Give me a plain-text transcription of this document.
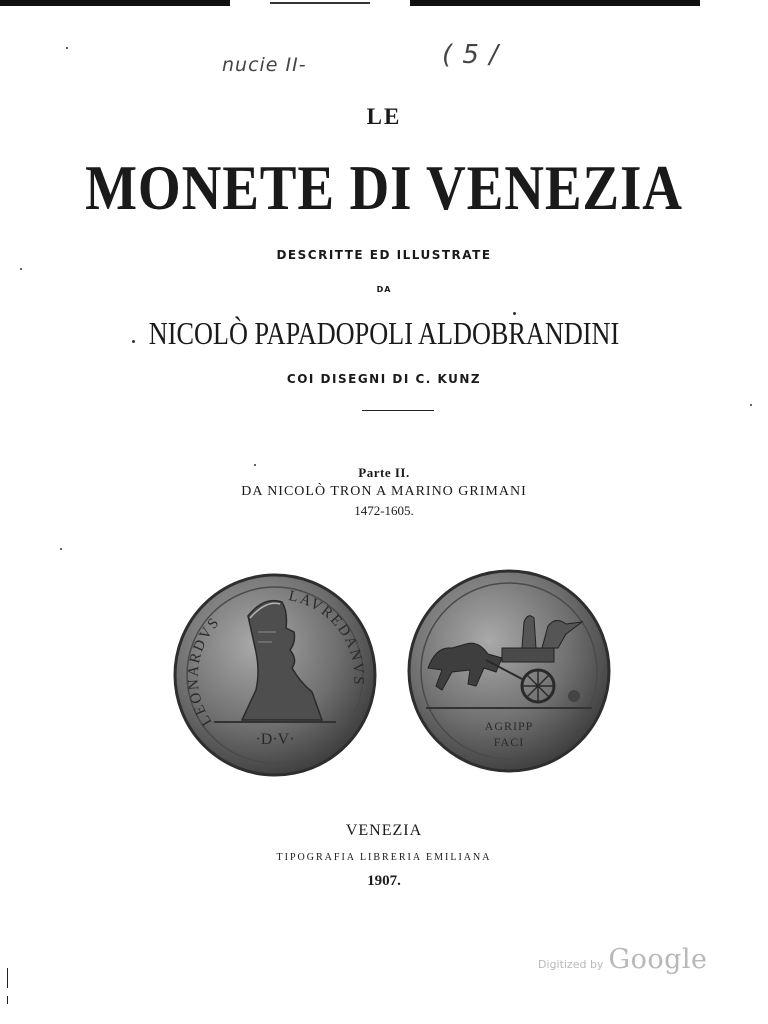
nucie II-	( 5 /
LE
MONETE DI VENEZIA
DESCRITTE ED ILLUSTRATE
DA
NICOLÒ PAPADOPOLI ALDOBRANDINI
COI DISEGNI DI C. KUNZ
Parte II.
DA NICOLÒ TRON A MARINO GRIMANI
1472-1605.
LEONARDVS
LAVREDANVS
·D·V·
AGRIPP
FACI
VENEZIA
TIPOGRAFIA LIBRERIA EMILIANA
1907.
Digitized by Google
